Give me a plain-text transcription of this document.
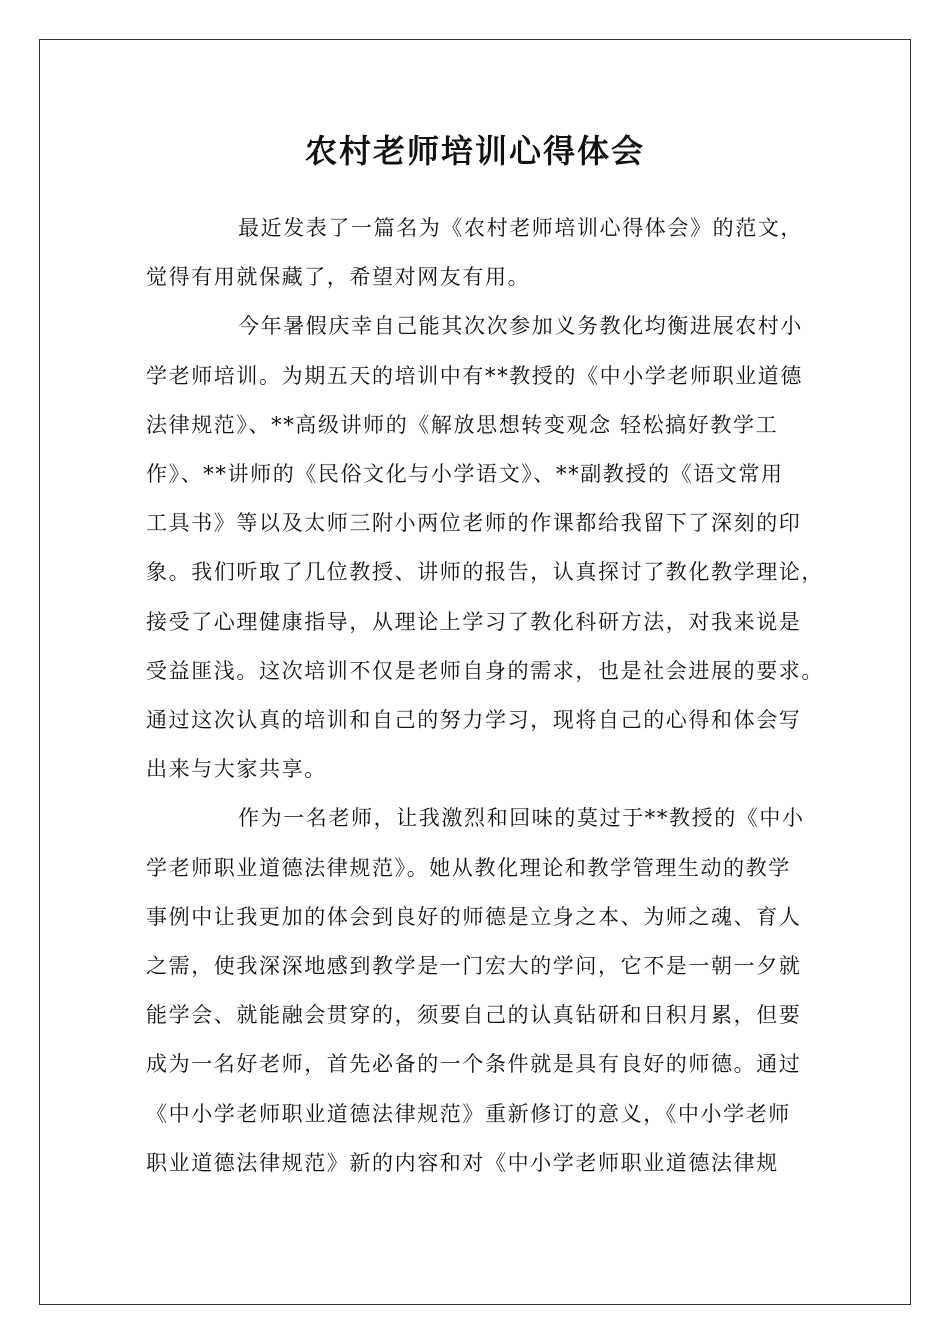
农村老师培训心得体会

最近发表了一篇名为《农村老师培训心得体会》的范文，
觉得有用就保藏了，希望对网友有用。

今年暑假庆幸自己能其次次参加义务教化均衡进展农村小
学老师培训。为期五天的培训中有**教授的《中小学老师职业道德
法律规范》、**高级讲师的《解放思想转变观念 轻松搞好教学工
作》、**讲师的《民俗文化与小学语文》、**副教授的《语文常用
工具书》等以及太师三附小两位老师的作课都给我留下了深刻的印
象。我们听取了几位教授、讲师的报告，认真探讨了教化教学理论，
接受了心理健康指导，从理论上学习了教化科研方法，对我来说是
受益匪浅。这次培训不仅是老师自身的需求，也是社会进展的要求。
通过这次认真的培训和自己的努力学习，现将自己的心得和体会写
出来与大家共享。

作为一名老师，让我激烈和回味的莫过于**教授的《中小
学老师职业道德法律规范》。她从教化理论和教学管理生动的教学
事例中让我更加的体会到良好的师德是立身之本、为师之魂、育人
之需，使我深深地感到教学是一门宏大的学问，它不是一朝一夕就
能学会、就能融会贯穿的，须要自己的认真钻研和日积月累，但要
成为一名好老师，首先必备的一个条件就是具有良好的师德。通过
《中小学老师职业道德法律规范》重新修订的意义，《中小学老师
职业道德法律规范》新的内容和对《中小学老师职业道德法律规
